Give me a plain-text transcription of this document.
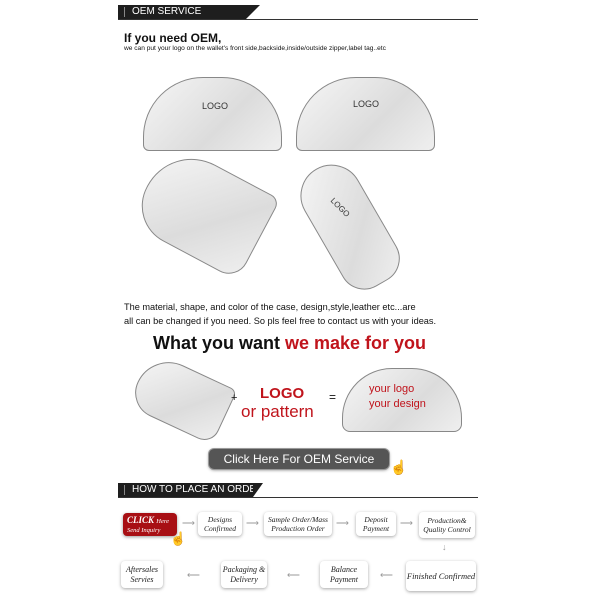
OEM SERVICE
If you need OEM,
we can put your logo on the wallet's front side,backside,inside/outside zipper,label tag..etc
LOGO	LOGO
LOGO
The material, shape, and color of the case, design,style,leather etc...are
all can be changed if you need. So pls feel free to contact us with your ideas.
What you want we make for you
+ LOGO
or pattern
=
your logo
your design
Click Here For OEM Service	☝
HOW TO PLACE AN ORDER
CLICK Here
Send Inquiry
☝
⟶	Designs Confirmed
⟶	Sample Order/Mass Production Order
⟶	Deposit Payment
⟶	Production& Quality Control
↓
Aftersales Servies	⟵
Packaging & Delivery	⟵
Balance Payment	⟵ Finished Confirmed
